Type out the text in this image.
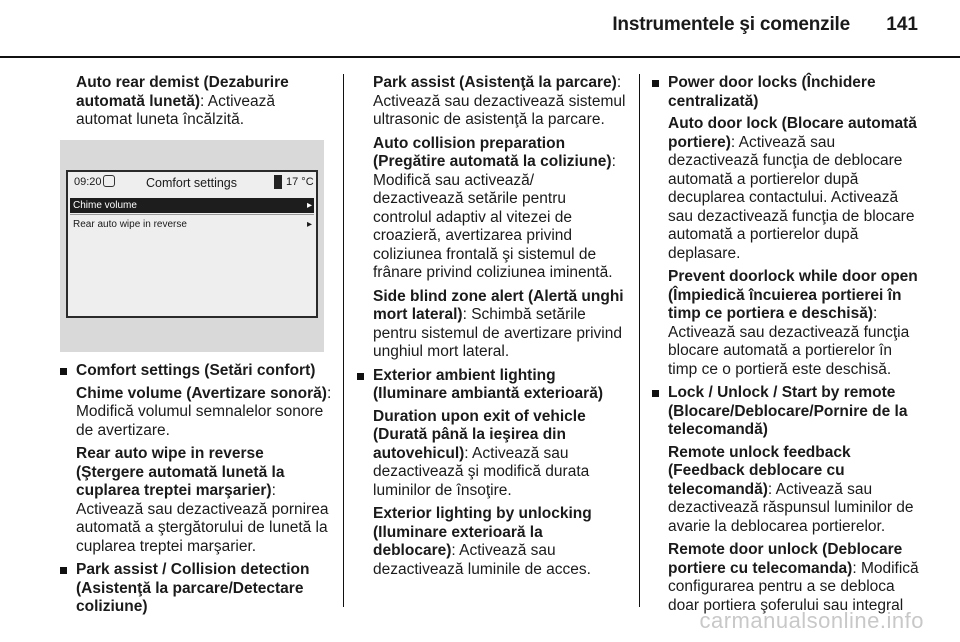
Instrumentele şi comenzile 141

Auto rear demist (Dezaburire automată lunetă): Activează automat luneta încălzită.

09:20	Comfort settings	17 °C
Chime volume	▸
Rear auto wipe in reverse	▸
Comfort settings (Setări confort)

Chime volume (Avertizare sonoră): Modifică volumul semnalelor sonore de avertizare.

Rear auto wipe in reverse (Ştergere automată lunetă la cuplarea treptei marşarier): Activează sau dezactivează pornirea automată a ştergătorului de lunetă la cuplarea treptei marşarier.

Park assist / Collision detection (Asistenţă la parcare/Detectare coliziune)

Park assist (Asistenţă la parcare): Activează sau dezactivează sistemul ultrasonic de asistenţă la parcare.

Auto collision preparation (Pregătire automată la coliziune): Modifică sau activează/ dezactivează setările pentru controlul adaptiv al vitezei de croazieră, avertizarea privind coliziunea frontală şi sistemul de frânare privind coliziunea iminentă.

Side blind zone alert (Alertă unghi mort lateral): Schimbă setările pentru sistemul de avertizare privind unghiul mort lateral.

Exterior ambient lighting (Iluminare ambiantă exterioară)

Duration upon exit of vehicle (Durată până la ieşirea din autovehicul): Activează sau dezactivează şi modifică durata luminilor de însoţire.

Exterior lighting by unlocking (Iluminare exterioară la deblocare): Activează sau dezactivează luminile de acces.

Power door locks (Închidere centralizată)

Auto door lock (Blocare automată portiere): Activează sau dezactivează funcţia de deblocare automată a portierelor după decuplarea contactului. Activează sau dezactivează funcţia de blocare automată a portierelor după deplasare.

Prevent doorlock while door open (Împiedică încuierea portierei în timp ce portiera e deschisă): Activează sau dezactivează funcţia blocare automată a portierelor în timp ce o portieră este deschisă.

Lock / Unlock / Start by remote (Blocare/Deblocare/Pornire de la telecomandă)

Remote unlock feedback (Feedback deblocare cu telecomandă): Activează sau dezactivează răspunsul luminilor de avarie la deblocarea portierelor.

Remote door unlock (Deblocare portiere cu telecomanda): Modifică configurarea pentru a se debloca doar portiera şoferului sau integral

carmanualsonline.info
